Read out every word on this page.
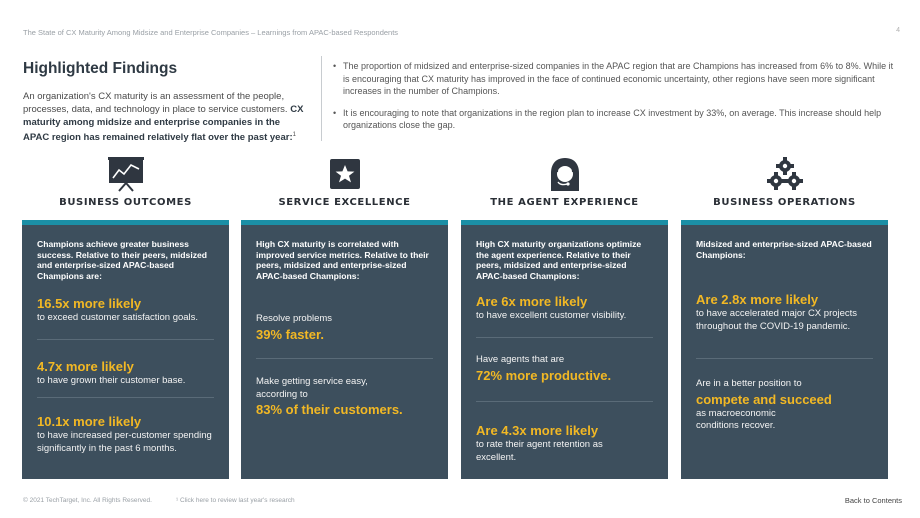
The State of CX Maturity Among Midsize and Enterprise Companies – Learnings from APAC-based Respondents	4
Highlighted Findings

An organization's CX maturity is an assessment of the people, processes, data, and technology in place to service customers. CX maturity among midsize and enterprise companies in the APAC region has remained relatively flat over the past year:$^1$

• The proportion of midsized and enterprise-sized companies in the APAC region that are Champions has increased from 6% to 8%. While it is encouraging that CX maturity has improved in the face of continued economic uncertainty, other regions have seen more significant increases in the number of Champions.
• It is encouraging to note that organizations in the region plan to increase CX investment by 33%, on average. This increase should help organizations close the gap.
BUSINESS OUTCOMES
Champions achieve greater business success. Relative to their peers, midsized and enterprise-sized APAC-based Champions are:
16.5x more likely
to exceed customer satisfaction goals.
4.7x more likely
to have grown their customer base.
10.1x more likely
to have increased per-customer spending significantly in the past 6 months.
SERVICE EXCELLENCE
High CX maturity is correlated with improved service metrics. Relative to their peers, midsized and enterprise-sized APAC-based Champions:
Resolve problems
39% faster.
Make getting service easy, according to
83% of their customers.
THE AGENT EXPERIENCE
High CX maturity organizations optimize the agent experience. Relative to their peers, midsized and enterprise-sized APAC-based Champions:
Are 6x more likely
to have excellent customer visibility.
Have agents that are
72% more productive.
Are 4.3x more likely
to rate their agent retention as excellent.
BUSINESS OPERATIONS
Midsized and enterprise-sized APAC-based Champions:
Are 2.8x more likely
to have accelerated major CX projects throughout the COVID-19 pandemic.
Are in a better position to
compete and succeed
as macroeconomic conditions recover.
© 2021 TechTarget, Inc. All Rights Reserved.	¹ Click here to review last year's research	Back to Contents
